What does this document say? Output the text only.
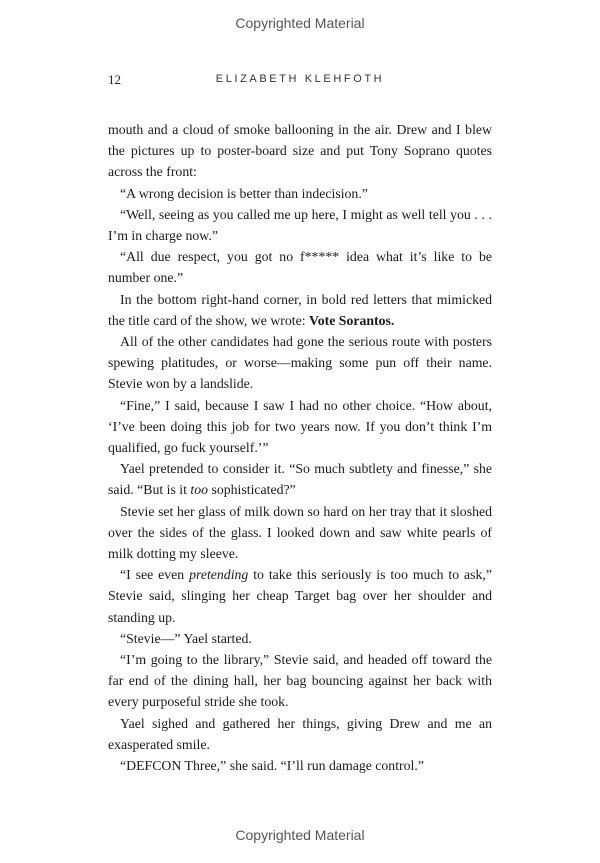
Copyrighted Material
12	ELIZABETH KLEHFOTH

mouth and a cloud of smoke ballooning in the air. Drew and I blew the pictures up to poster-board size and put Tony Soprano quotes across the front:

“A wrong decision is better than indecision.”

“Well, seeing as you called me up here, I might as well tell you . . . I’m in charge now.”

“All due respect, you got no f***** idea what it’s like to be number one.”

In the bottom right-hand corner, in bold red letters that mimicked the title card of the show, we wrote: Vote Sorantos.

All of the other candidates had gone the serious route with posters spewing platitudes, or worse—making some pun off their name. Stevie won by a landslide.

“Fine,” I said, because I saw I had no other choice. “How about, ‘I’ve been doing this job for two years now. If you don’t think I’m qualified, go fuck yourself.’”

Yael pretended to consider it. “So much subtlety and finesse,” she said. “But is it too sophisticated?”

Stevie set her glass of milk down so hard on her tray that it sloshed over the sides of the glass. I looked down and saw white pearls of milk dotting my sleeve.

“I see even pretending to take this seriously is too much to ask,” Stevie said, slinging her cheap Target bag over her shoulder and standing up.

“Stevie—” Yael started.

“I’m going to the library,” Stevie said, and headed off toward the far end of the dining hall, her bag bouncing against her back with every purposeful stride she took.

Yael sighed and gathered her things, giving Drew and me an exasperated smile.

“DEFCON Three,” she said. “I’ll run damage control.”

Copyrighted Material
